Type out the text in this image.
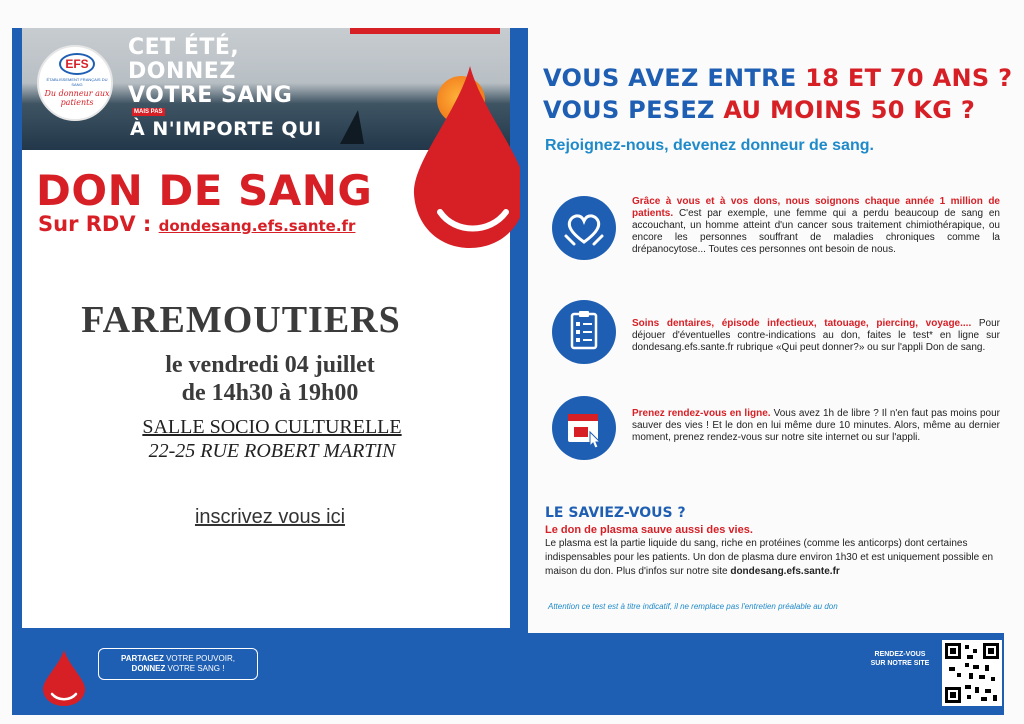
EFS
ÉTABLISSEMENT FRANÇAIS DU SANG
Du donneur aux patients
CET ÉTÉ,
DONNEZ
VOTRE SANG
MAIS PAS
À N'IMPORTE QUI
DON DE SANG
Sur RDV : dondesang.efs.sante.fr
FAREMOUTIERS
le vendredi 04 juillet
de 14h30 à 19h00
SALLE SOCIO CULTURELLE
22-25 RUE ROBERT MARTIN
inscrivez vous ici
VOUS AVEZ ENTRE 18 ET 70 ANS ?
VOUS PESEZ AU MOINS 50 KG ?
Rejoignez-nous, devenez donneur de sang.
Grâce à vous et à vos dons, nous soignons chaque année 1 million de patients. C'est par exemple, une femme qui a perdu beaucoup de sang en accouchant, un homme atteint d'un cancer sous traitement chimiothérapique, ou encore les personnes souffrant de maladies chroniques comme la drépanocytose... Toutes ces personnes ont besoin de nous.
Soins dentaires, épisode infectieux, tatouage, piercing, voyage.... Pour déjouer d'éventuelles contre-indications au don, faites le test* en ligne sur dondesang.efs.sante.fr rubrique «Qui peut donner?» ou sur l'appli Don de sang.
Prenez rendez-vous en ligne. Vous avez 1h de libre ? Il n'en faut pas moins pour sauver des vies ! Et le don en lui même dure 10 minutes. Alors, même au dernier moment, prenez rendez-vous sur notre site internet ou sur l'appli.
LE SAVIEZ-VOUS ?
Le don de plasma sauve aussi des vies.
Le plasma est la partie liquide du sang, riche en protéines (comme les anticorps) dont certaines indispensables pour les patients. Un don de plasma dure environ 1h30 et est uniquement possible en maison du don. Plus d'infos sur notre site dondesang.efs.sante.fr
Attention ce test est à titre indicatif, il ne remplace pas l'entretien préalable au don
PARTAGEZ VOTRE POUVOIR,
DONNEZ VOTRE SANG !
RENDEZ-VOUS
SUR NOTRE SITE
